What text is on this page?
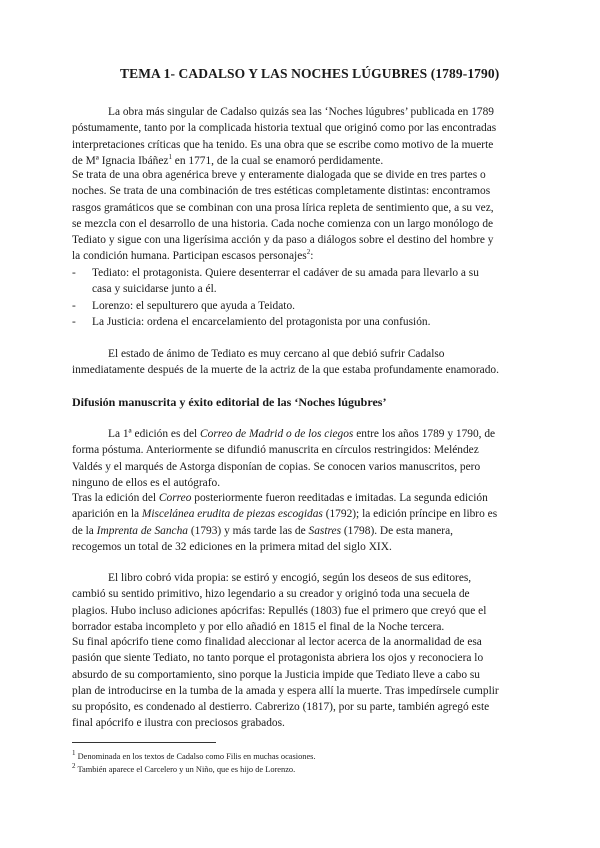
TEMA 1- CADALSO Y LAS NOCHES LÚGUBRES (1789-1790)

La obra más singular de Cadalso quizás sea las ‘Noches lúgubres’ publicada en 1789
póstumamente, tanto por la complicada historia textual que originó como por las encontradas
interpretaciones críticas que ha tenido. Es una obra que se escribe como motivo de la muerte
de Mª Ignacia Ibáñez$^1$ en 1771, de la cual se enamoró perdidamente.

Se trata de una obra agenérica breve y enteramente dialogada que se divide en tres partes o
noches. Se trata de una combinación de tres estéticas completamente distintas: encontramos
rasgos gramáticos que se combinan con una prosa lírica repleta de sentimiento que, a su vez,
se mezcla con el desarrollo de una historia. Cada noche comienza con un largo monólogo de
Tediato y sigue con una ligerísima acción y da paso a diálogos sobre el destino del hombre y
la condición humana. Participan escasos personajes$^2$:

- Tediato: el protagonista. Quiere desenterrar el cadáver de su amada para llevarlo a su
casa y suicidarse junto a él.
- Lorenzo: el sepulturero que ayuda a Teidato.
- La Justicia: ordena el encarcelamiento del protagonista por una confusión.

El estado de ánimo de Tediato es muy cercano al que debió sufrir Cadalso
inmediatamente después de la muerte de la actriz de la que estaba profundamente enamorado.

Difusión manuscrita y éxito editorial de las ‘Noches lúgubres’

La 1ª edición es del Correo de Madrid o de los ciegos entre los años 1789 y 1790, de
forma póstuma. Anteriormente se difundió manuscrita en círculos restringidos: Meléndez
Valdés y el marqués de Astorga disponían de copias. Se conocen varios manuscritos, pero
ninguno de ellos es el autógrafo.

Tras la edición del Correo posteriormente fueron reeditadas e imitadas. La segunda edición
aparición en la Miscelánea erudita de piezas escogidas (1792); la edición príncipe en libro es
de la Imprenta de Sancha (1793) y más tarde las de Sastres (1798). De esta manera,
recogemos un total de 32 ediciones en la primera mitad del siglo XIX.

El libro cobró vida propia: se estiró y encogió, según los deseos de sus editores,
cambió su sentido primitivo, hizo legendario a su creador y originó toda una secuela de
plagios. Hubo incluso adiciones apócrifas: Repullés (1803) fue el primero que creyó que el
borrador estaba incompleto y por ello añadió en 1815 el final de la Noche tercera.

Su final apócrifo tiene como finalidad aleccionar al lector acerca de la anormalidad de esa
pasión que siente Tediato, no tanto porque el protagonista abriera los ojos y reconociera lo
absurdo de su comportamiento, sino porque la Justicia impide que Tediato lleve a cabo su
plan de introducirse en la tumba de la amada y espera allí la muerte. Tras impedírsele cumplir
su propósito, es condenado al destierro. Cabrerizo (1817), por su parte, también agregó este
final apócrifo e ilustra con preciosos grabados.

$^1$ Denominada en los textos de Cadalso como Filis en muchas ocasiones.
$^2$ También aparece el Carcelero y un Niño, que es hijo de Lorenzo.
